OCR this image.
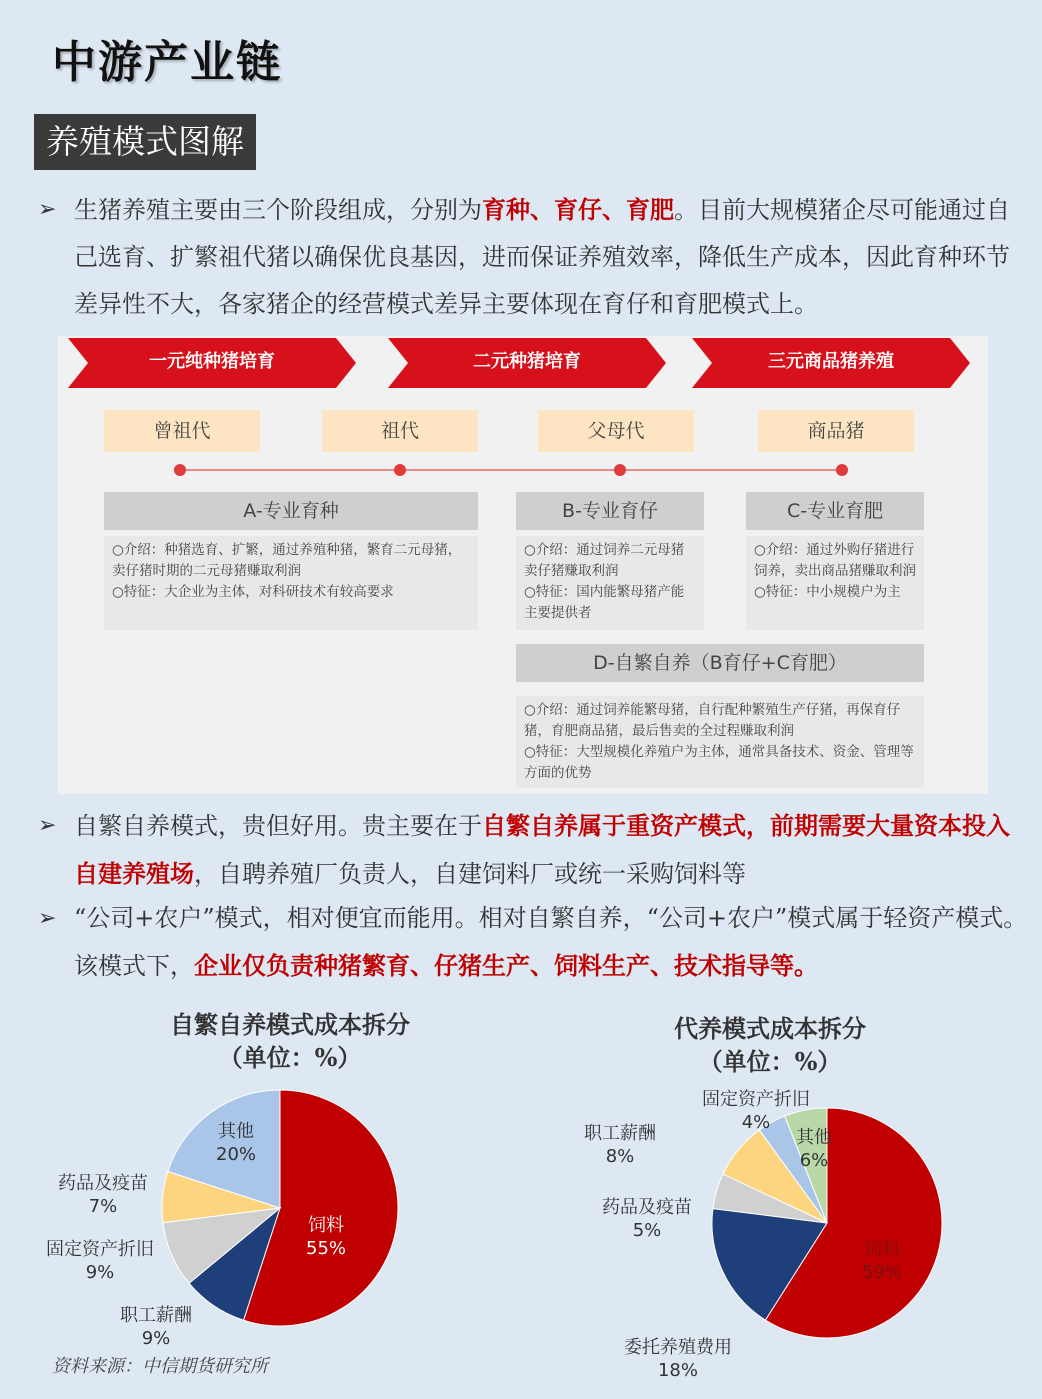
中游产业链
养殖模式图解
➢ 生猪养殖主要由三个阶段组成，分别为育种、育仔、育肥。目前大规模猪企尽可能通过自己选育、扩繁祖代猪以确保优良基因，进而保证养殖效率，降低生产成本，因此育种环节差异性不大，各家猪企的经营模式差异主要体现在育仔和育肥模式上。
一元纯种猪培育	二元种猪培育	三元商品猪养殖
曾祖代	祖代	父母代	商品猪
A-专业育种

○介绍：种猪选育、扩繁，通过养殖种猪，繁育二元母猪，卖仔猪时期的二元母猪赚取利润

○特征：大企业为主体，对科研技术有较高要求

B-专业育仔

○介绍：通过饲养二元母猪卖仔猪赚取利润

○特征：国内能繁母猪产能主要提供者

C-专业育肥

○介绍：通过外购仔猪进行饲养，卖出商品猪赚取利润

○特征：中小规模户为主

D-自繁自养（B育仔+C育肥）

○介绍：通过饲养能繁母猪，自行配种繁殖生产仔猪，再保育仔猪，育肥商品猪，最后售卖的全过程赚取利润

○特征：大型规模化养殖户为主体，通常具备技术、资金、管理等方面的优势

➢ 自繁自养模式，贵但好用。贵主要在于自繁自养属于重资产模式，前期需要大量资本投入自建养殖场，自聘养殖厂负责人，自建饲料厂或统一采购饲料等
➢ “公司+农户”模式，相对便宜而能用。相对自繁自养，“公司+农户”模式属于轻资产模式。该模式下，企业仅负责种猪繁育、仔猪生产、饲料生产、技术指导等。
自繁自养模式成本拆分
（单位：%）
饲料
55%
职工薪酬
9%
固定资产折旧
9%
药品及疫苗
7%
其他
20%
代养模式成本拆分
（单位：%）
饲料
59%
委托养殖费用
18%
药品及疫苗
5%
职工薪酬
8%
固定资产折旧
4%
其他
6%
资料来源：中信期货研究所
